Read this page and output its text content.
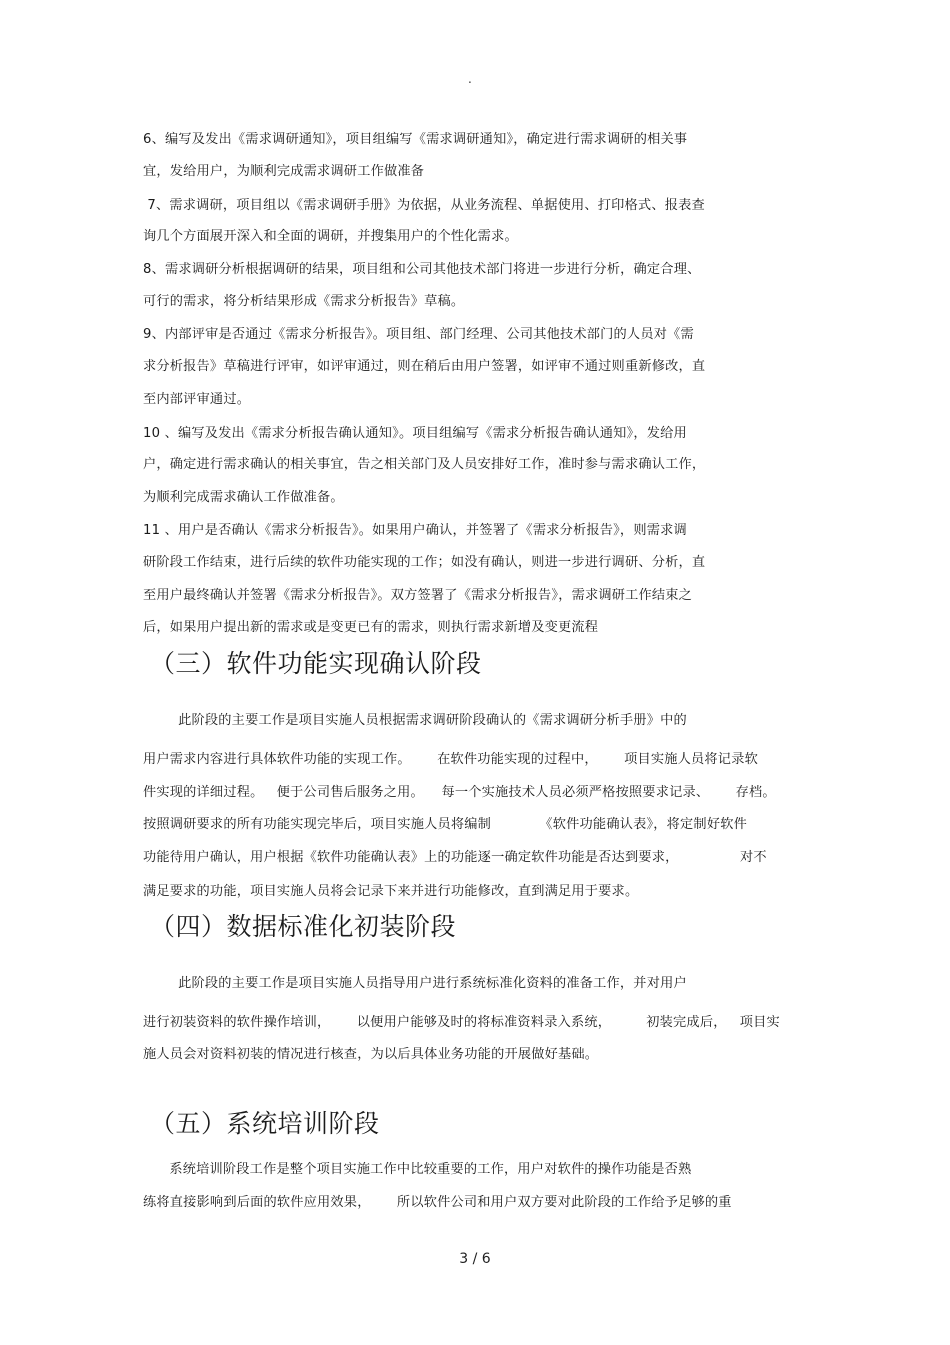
.
6、编写及发出《需求调研通知》，项目组编写《需求调研通知》，确定进行需求调研的相关事
宜，发给用户，为顺利完成需求调研工作做准备
7、需求调研，项目组以《需求调研手册》为依据，从业务流程、单据使用、打印格式、报表查
询几个方面展开深入和全面的调研，并搜集用户的个性化需求。
8、需求调研分析根据调研的结果，项目组和公司其他技术部门将进一步进行分析，确定合理、
可行的需求，将分析结果形成《需求分析报告》草稿。
9、内部评审是否通过《需求分析报告》。项目组、部门经理、公司其他技术部门的人员对《需
求分析报告》草稿进行评审，如评审通过，则在稍后由用户签署，如评审不通过则重新修改，直
至内部评审通过。
10 、编写及发出《需求分析报告确认通知》。项目组编写《需求分析报告确认通知》，发给用
户，确定进行需求确认的相关事宜，告之相关部门及人员安排好工作，准时参与需求确认工作，
为顺利完成需求确认工作做准备。
11 、用户是否确认《需求分析报告》。如果用户确认，并签署了《需求分析报告》，则需求调
研阶段工作结束，进行后续的软件功能实现的工作；如没有确认，则进一步进行调研、分析，直
至用户最终确认并签署《需求分析报告》。双方签署了《需求分析报告》，需求调研工作结束之
后，如果用户提出新的需求或是变更已有的需求，则执行需求新增及变更流程
（三）软件功能实现确认阶段
此阶段的主要工作是项目实施人员根据需求调研阶段确认的《需求调研分析手册》中的
用户需求内容进行具体软件功能的实现工作。      在软件功能实现的过程中，      项目实施人员将记录软
件实现的详细过程。   便于公司售后服务之用。    每一个实施技术人员必须严格按照要求记录、      存档。
按照调研要求的所有功能实现完毕后，项目实施人员将编制           《软件功能确认表》，将定制好软件
功能待用户确认，用户根据《软件功能确认表》上的功能逐一确定软件功能是否达到要求，              对不
满足要求的功能，项目实施人员将会记录下来并进行功能修改，直到满足用于要求。
（四）数据标准化初装阶段
此阶段的主要工作是项目实施人员指导用户进行系统标准化资料的准备工作，并对用户
进行初装资料的软件操作培训，      以便用户能够及时的将标准资料录入系统，        初装完成后，   项目实
施人员会对资料初装的情况进行核查，为以后具体业务功能的开展做好基础。
（五）系统培训阶段
系统培训阶段工作是整个项目实施工作中比较重要的工作，用户对软件的操作功能是否熟
练将直接影响到后面的软件应用效果，      所以软件公司和用户双方要对此阶段的工作给予足够的重
3 / 6
